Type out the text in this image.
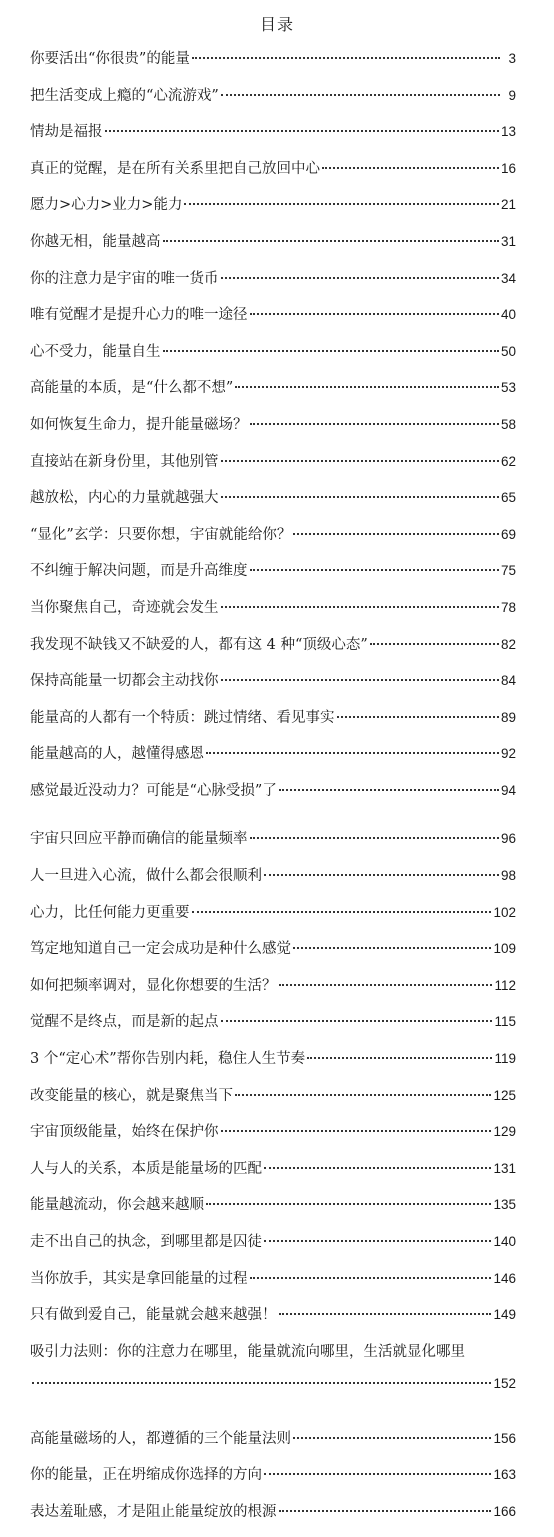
目录
你要活出“你很贵”的能量	3
把生活变成上瘾的“心流游戏”	9
情劫是福报	13
真正的觉醒，是在所有关系里把自己放回中心	16
愿力>心力>业力>能力	21
你越无相，能量越高	31
你的注意力是宇宙的唯一货币	34
唯有觉醒才是提升心力的唯一途径	40
心不受力，能量自生	50
高能量的本质，是“什么都不想”	53
如何恢复生命力，提升能量磁场？	58
直接站在新身份里，其他别管	62
越放松，内心的力量就越强大	65
“显化”玄学：只要你想，宇宙就能给你？	69
不纠缠于解决问题，而是升高维度	75
当你聚焦自己，奇迹就会发生	78
我发现不缺钱又不缺爱的人，都有这 4 种“顶级心态”	82
保持高能量一切都会主动找你	84
能量高的人都有一个特质：跳过情绪、看见事实	89
能量越高的人，越懂得感恩	92
感觉最近没动力？可能是“心脉受损”了	94
宇宙只回应平静而确信的能量频率	96
人一旦进入心流，做什么都会很顺利	98
心力，比任何能力更重要	102
笃定地知道自己一定会成功是种什么感觉	109
如何把频率调对，显化你想要的生活？	112
觉醒不是终点，而是新的起点	115
3 个“定心术”帮你告别内耗，稳住人生节奏	119
改变能量的核心，就是聚焦当下	125
宇宙顶级能量，始终在保护你	129
人与人的关系，本质是能量场的匹配	131
能量越流动，你会越来越顺	135
走不出自己的执念，到哪里都是囚徒	140
当你放手，其实是拿回能量的过程	146
只有做到爱自己，能量就会越来越强！	149
吸引力法则：你的注意力在哪里，能量就流向哪里，生活就显化哪里
152
高能量磁场的人，都遵循的三个能量法则	156
你的能量，正在坍缩成你选择的方向	163
表达羞耻感，才是阻止能量绽放的根源	166
